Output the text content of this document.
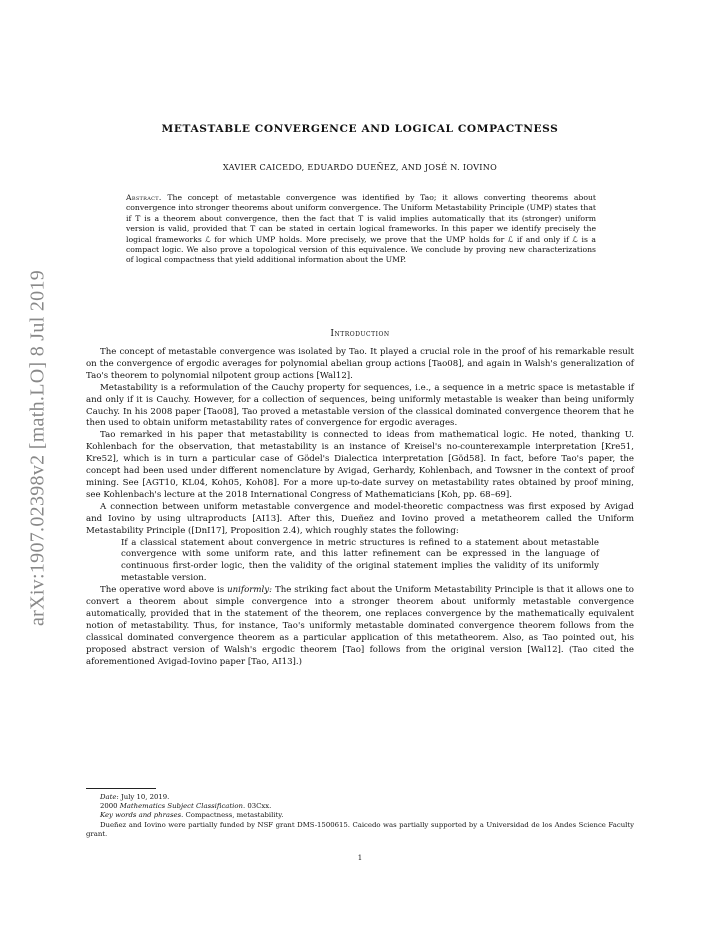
arXiv:1907.02398v2 [math.LO] 8 Jul 2019
METASTABLE CONVERGENCE AND LOGICAL COMPACTNESS
XAVIER CAICEDO, EDUARDO DUEÑEZ, AND JOSÉ N. IOVINO
Abstract. The concept of metastable convergence was identified by Tao; it allows converting theorems about convergence into stronger theorems about uniform convergence. The Uniform Metastability Principle (UMP) states that if T is a theorem about convergence, then the fact that T is valid implies automatically that its (stronger) uniform version is valid, provided that T can be stated in certain logical frameworks. In this paper we identify precisely the logical frameworks ℒ for which UMP holds. More precisely, we prove that the UMP holds for ℒ if and only if ℒ is a compact logic. We also prove a topological version of this equivalence. We conclude by proving new characterizations of logical compactness that yield additional information about the UMP.
Introduction

The concept of metastable convergence was isolated by Tao. It played a crucial role in the proof of his remarkable result on the convergence of ergodic averages for polynomial abelian group actions [Tao08], and again in Walsh's generalization of Tao's theorem to polynomial nilpotent group actions [Wal12].

Metastability is a reformulation of the Cauchy property for sequences, i.e., a sequence in a metric space is metastable if and only if it is Cauchy. However, for a collection of sequences, being uniformly metastable is weaker than being uniformly Cauchy. In his 2008 paper [Tao08], Tao proved a metastable version of the classical dominated convergence theorem that he then used to obtain uniform metastability rates of convergence for ergodic averages.

Tao remarked in his paper that metastability is connected to ideas from mathematical logic. He noted, thanking U. Kohlenbach for the observation, that metastability is an instance of Kreisel's no-counterexample interpretation [Kre51, Kre52], which is in turn a particular case of Gödel's Dialectica interpretation [Göd58]. In fact, before Tao's paper, the concept had been used under different nomenclature by Avigad, Gerhardy, Kohlenbach, and Towsner in the context of proof mining. See [AGT10, KL04, Koh05, Koh08]. For a more up-to-date survey on metastability rates obtained by proof mining, see Kohlenbach's lecture at the 2018 International Congress of Mathematicians [Koh, pp. 68–69].

A connection between uniform metastable convergence and model-theoretic compactness was first exposed by Avigad and Iovino by using ultraproducts [AI13]. After this, Dueñez and Iovino proved a metatheorem called the Uniform Metastability Principle ([DnI17], Proposition 2.4), which roughly states the following:

If a classical statement about convergence in metric structures is refined to a statement about metastable convergence with some uniform rate, and this latter refinement can be expressed in the language of continuous first-order logic, then the validity of the original statement implies the validity of its uniformly metastable version.

The operative word above is uniformly: The striking fact about the Uniform Metastability Principle is that it allows one to convert a theorem about simple convergence into a stronger theorem about uniformly metastable convergence automatically, provided that in the statement of the theorem, one replaces convergence by the mathematically equivalent notion of metastability. Thus, for instance, Tao's uniformly metastable dominated convergence theorem follows from the classical dominated convergence theorem as a particular application of this metatheorem. Also, as Tao pointed out, his proposed abstract version of Walsh's ergodic theorem [Tao] follows from the original version [Wal12]. (Tao cited the aforementioned Avigad-Iovino paper [Tao, AI13].)

Date: July 10, 2019.

2000 Mathematics Subject Classification. 03Cxx.

Key words and phrases. Compactness, metastability.

Dueñez and Iovino were partially funded by NSF grant DMS-1500615. Caicedo was partially supported by a Universidad de los Andes Science Faculty grant.

1
